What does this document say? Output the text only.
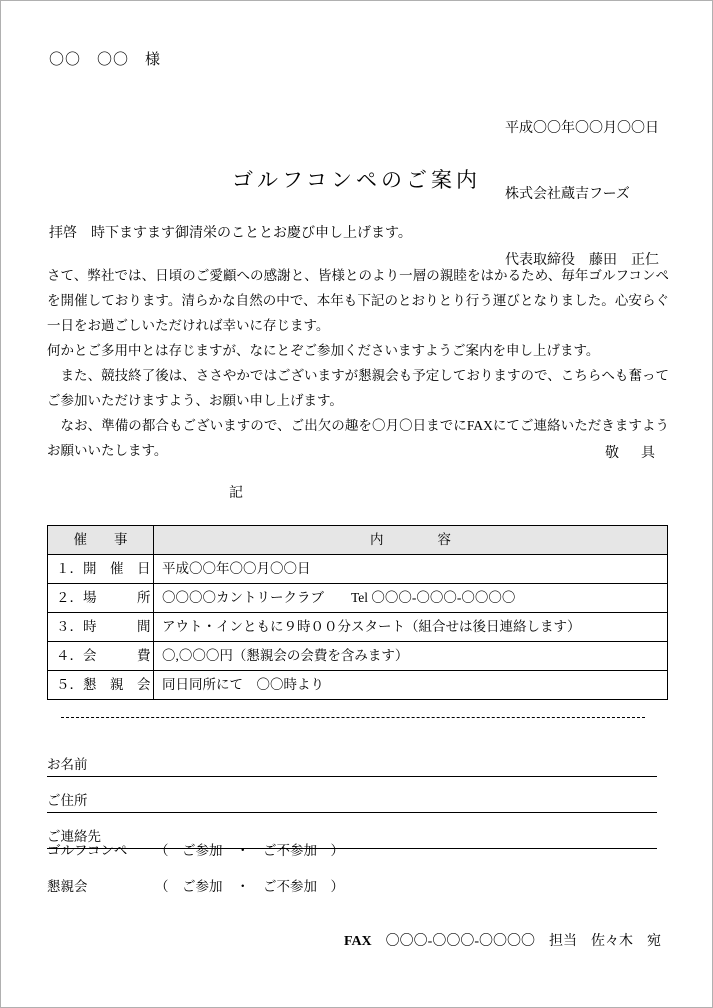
〇〇　〇〇　様

平成〇〇年〇〇月〇〇日

株式会社蔵吉フーズ

代表取締役　藤田　正仁

ゴルフコンペのご案内
拝啓　時下ますます御清栄のこととお慶び申し上げます。

さて、弊社では、日頃のご愛顧への感謝と、皆様とのより一層の親睦をはかるため、毎年ゴルフコンペを開催しております。清らかな自然の中で、本年も下記のとおりとり行う運びとなりました。心安らぐ一日をお過ごしいただければ幸いに存じます。

何かとご多用中とは存じますが、なにとぞご参加くださいますようご案内を申し上げます。

　また、競技終了後は、ささやかではございますが懇親会も予定しておりますので、こちらへも奮ってご参加いただけますよう、お願い申し上げます。

　なお、準備の都合もございますので、ご出欠の趣を〇月〇日までにFAXにてご連絡いただきますようお願いいたします。	敬　具
記
催　　事	内　　　　容
１．開　催　日	平成〇〇年〇〇月〇〇日
２．場　　　所	〇〇〇〇カントリークラブ　　Tel 〇〇〇-〇〇〇-〇〇〇〇
３．時　　　間	アウト・インともに９時００分スタート（組合せは後日連絡します）
４．会　　　費	〇,〇〇〇円（懇親会の会費を含みます）
５．懇　親　会	同日同所にて　〇〇時より
お名前
ご住所
ご連絡先

ゴルフコンペ

（　ご参加　・　ご不参加　）

懇親会

	（　ご参加　・　ご不参加　）

FAX　 〇〇〇-〇〇〇-〇〇〇〇　 担当　佐々木　宛
